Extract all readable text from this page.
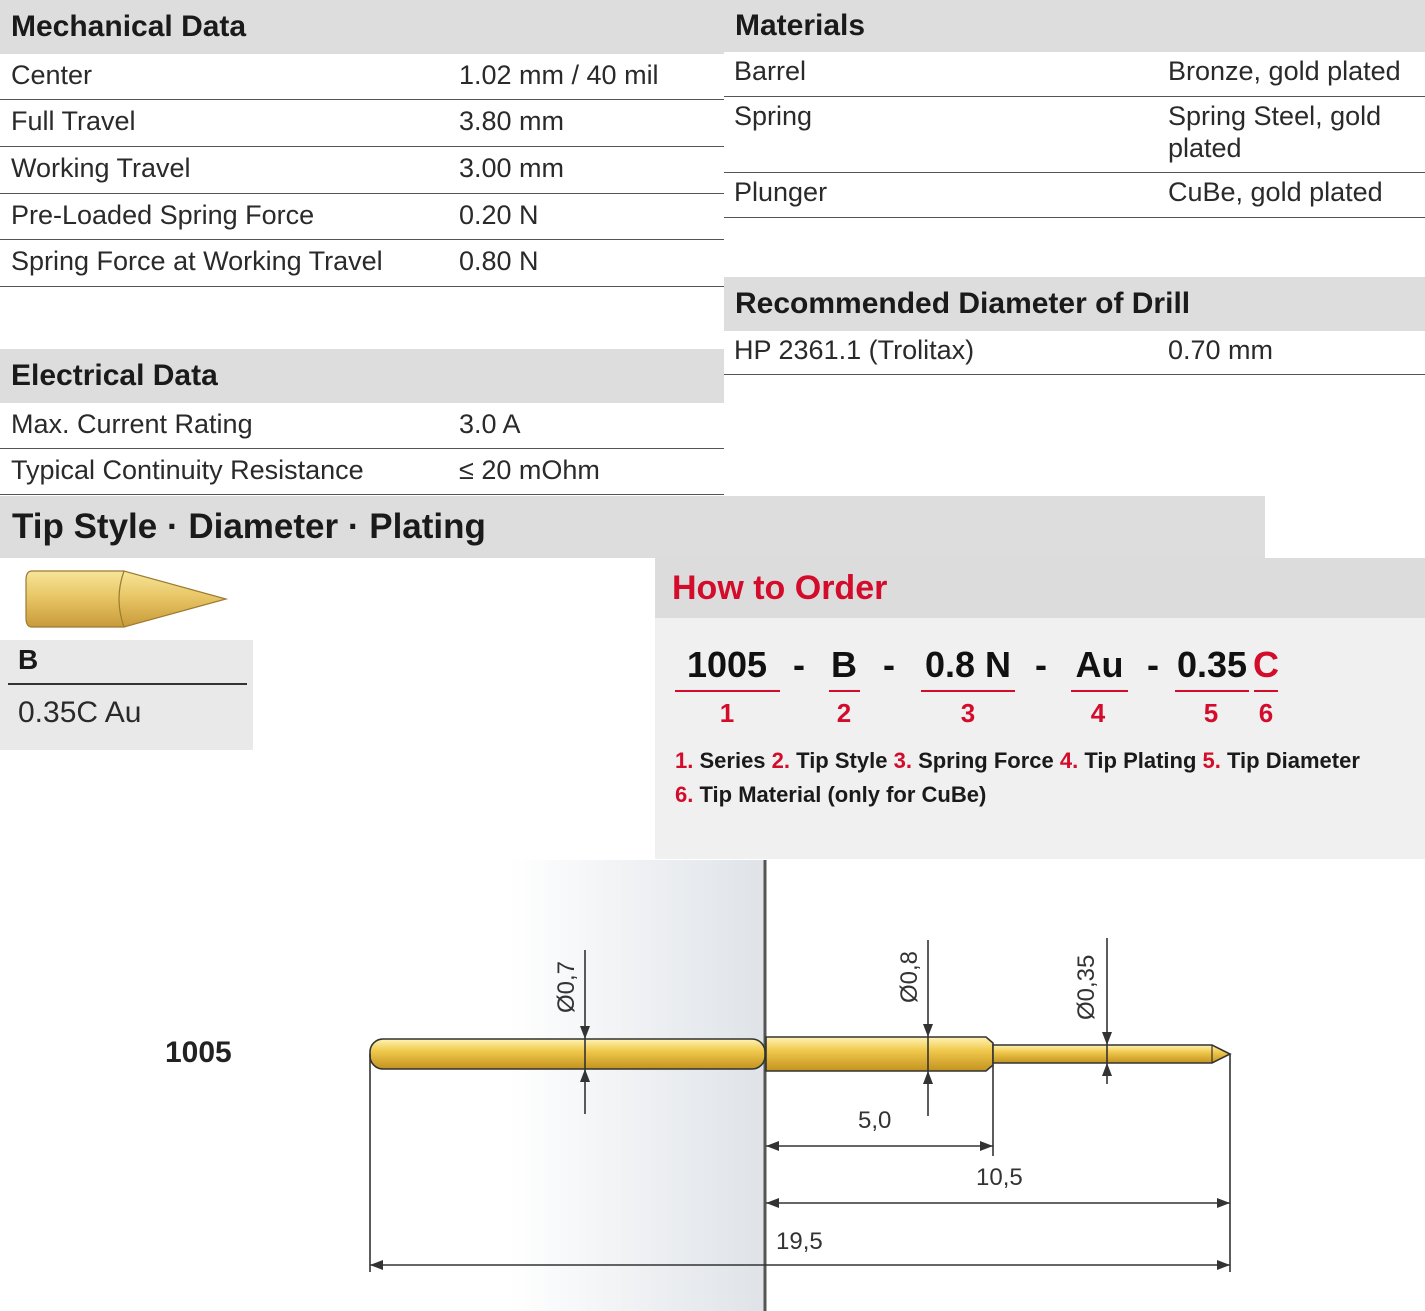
Mechanical Data
Center	1.02 mm / 40 mil
Full Travel	3.80 mm
Working Travel	3.00 mm
Pre-Loaded Spring Force	0.20 N
Spring Force at Working Travel	0.80 N
Electrical Data
Max. Current Rating	3.0 A
Typical Continuity Resistance	≤ 20 mOhm
Materials
Barrel	Bronze, gold plated
Spring	Spring Steel, gold
plated
Plunger	CuBe, gold plated
Recommended Diameter of Drill
HP 2361.1 (Trolitax)	0.70 mm
Tip Style · Diameter · Plating
B
0.35C Au
How to Order
1005 - B - 0.8 N - Au - 0.35 C
1	2	3	4	5 6
1. Series 2. Tip Style 3. Spring Force 4. Tip Plating 5. Tip Diameter
6. Tip Material (only for CuBe)
1005
Ø0,7	Ø0,8	Ø0,35
5,0
10,5
19,5
